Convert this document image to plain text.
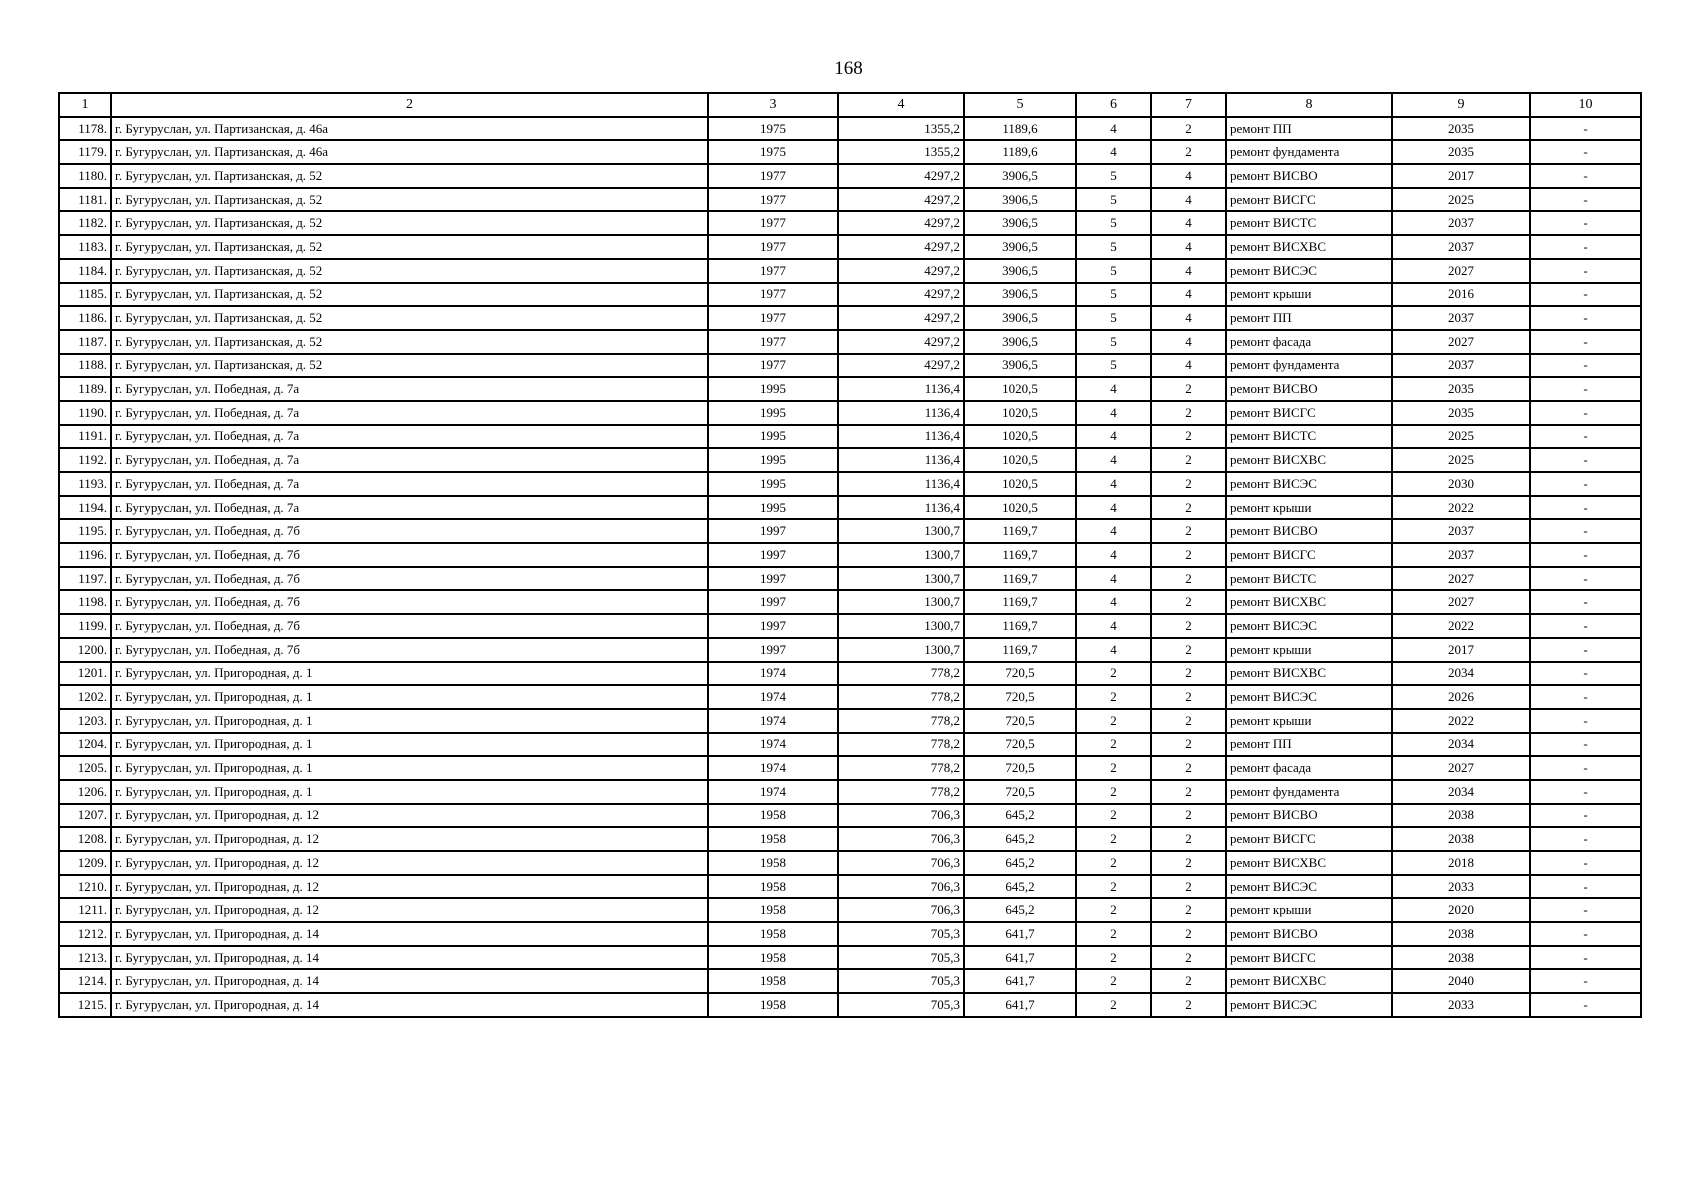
168
1	2	3	4	5	6	7	8	9	10
1178.	г. Бугуруслан, ул. Партизанская, д. 46а	1975	1355,2	1189,6	4	2	ремонт ПП	2035	-
1179.	г. Бугуруслан, ул. Партизанская, д. 46а	1975	1355,2	1189,6	4	2	ремонт фундамента	2035	-
1180.	г. Бугуруслан, ул. Партизанская, д. 52	1977	4297,2	3906,5	5	4	ремонт ВИСВО	2017	-
1181.	г. Бугуруслан, ул. Партизанская, д. 52	1977	4297,2	3906,5	5	4	ремонт ВИСГС	2025	-
1182.	г. Бугуруслан, ул. Партизанская, д. 52	1977	4297,2	3906,5	5	4	ремонт ВИСТС	2037	-
1183.	г. Бугуруслан, ул. Партизанская, д. 52	1977	4297,2	3906,5	5	4	ремонт ВИСХВС	2037	-
1184.	г. Бугуруслан, ул. Партизанская, д. 52	1977	4297,2	3906,5	5	4	ремонт ВИСЭС	2027	-
1185.	г. Бугуруслан, ул. Партизанская, д. 52	1977	4297,2	3906,5	5	4	ремонт крыши	2016	-
1186.	г. Бугуруслан, ул. Партизанская, д. 52	1977	4297,2	3906,5	5	4	ремонт ПП	2037	-
1187.	г. Бугуруслан, ул. Партизанская, д. 52	1977	4297,2	3906,5	5	4	ремонт фасада	2027	-
1188.	г. Бугуруслан, ул. Партизанская, д. 52	1977	4297,2	3906,5	5	4	ремонт фундамента	2037	-
1189.	г. Бугуруслан, ул. Победная, д. 7а	1995	1136,4	1020,5	4	2	ремонт ВИСВО	2035	-
1190.	г. Бугуруслан, ул. Победная, д. 7а	1995	1136,4	1020,5	4	2	ремонт ВИСГС	2035	-
1191.	г. Бугуруслан, ул. Победная, д. 7а	1995	1136,4	1020,5	4	2	ремонт ВИСТС	2025	-
1192.	г. Бугуруслан, ул. Победная, д. 7а	1995	1136,4	1020,5	4	2	ремонт ВИСХВС	2025	-
1193.	г. Бугуруслан, ул. Победная, д. 7а	1995	1136,4	1020,5	4	2	ремонт ВИСЭС	2030	-
1194.	г. Бугуруслан, ул. Победная, д. 7а	1995	1136,4	1020,5	4	2	ремонт крыши	2022	-
1195.	г. Бугуруслан, ул. Победная, д. 7б	1997	1300,7	1169,7	4	2	ремонт ВИСВО	2037	-
1196.	г. Бугуруслан, ул. Победная, д. 7б	1997	1300,7	1169,7	4	2	ремонт ВИСГС	2037	-
1197.	г. Бугуруслан, ул. Победная, д. 7б	1997	1300,7	1169,7	4	2	ремонт ВИСТС	2027	-
1198.	г. Бугуруслан, ул. Победная, д. 7б	1997	1300,7	1169,7	4	2	ремонт ВИСХВС	2027	-
1199.	г. Бугуруслан, ул. Победная, д. 7б	1997	1300,7	1169,7	4	2	ремонт ВИСЭС	2022	-
1200.	г. Бугуруслан, ул. Победная, д. 7б	1997	1300,7	1169,7	4	2	ремонт крыши	2017	-
1201.	г. Бугуруслан, ул. Пригородная, д. 1	1974	778,2	720,5	2	2	ремонт ВИСХВС	2034	-
1202.	г. Бугуруслан, ул. Пригородная, д. 1	1974	778,2	720,5	2	2	ремонт ВИСЭС	2026	-
1203.	г. Бугуруслан, ул. Пригородная, д. 1	1974	778,2	720,5	2	2	ремонт крыши	2022	-
1204.	г. Бугуруслан, ул. Пригородная, д. 1	1974	778,2	720,5	2	2	ремонт ПП	2034	-
1205.	г. Бугуруслан, ул. Пригородная, д. 1	1974	778,2	720,5	2	2	ремонт фасада	2027	-
1206.	г. Бугуруслан, ул. Пригородная, д. 1	1974	778,2	720,5	2	2	ремонт фундамента	2034	-
1207.	г. Бугуруслан, ул. Пригородная, д. 12	1958	706,3	645,2	2	2	ремонт ВИСВО	2038	-
1208.	г. Бугуруслан, ул. Пригородная, д. 12	1958	706,3	645,2	2	2	ремонт ВИСГС	2038	-
1209.	г. Бугуруслан, ул. Пригородная, д. 12	1958	706,3	645,2	2	2	ремонт ВИСХВС	2018	-
1210.	г. Бугуруслан, ул. Пригородная, д. 12	1958	706,3	645,2	2	2	ремонт ВИСЭС	2033	-
1211.	г. Бугуруслан, ул. Пригородная, д. 12	1958	706,3	645,2	2	2	ремонт крыши	2020	-
1212.	г. Бугуруслан, ул. Пригородная, д. 14	1958	705,3	641,7	2	2	ремонт ВИСВО	2038	-
1213.	г. Бугуруслан, ул. Пригородная, д. 14	1958	705,3	641,7	2	2	ремонт ВИСГС	2038	-
1214.	г. Бугуруслан, ул. Пригородная, д. 14	1958	705,3	641,7	2	2	ремонт ВИСХВС	2040	-
1215.	г. Бугуруслан, ул. Пригородная, д. 14	1958	705,3	641,7	2	2	ремонт ВИСЭС	2033	-
